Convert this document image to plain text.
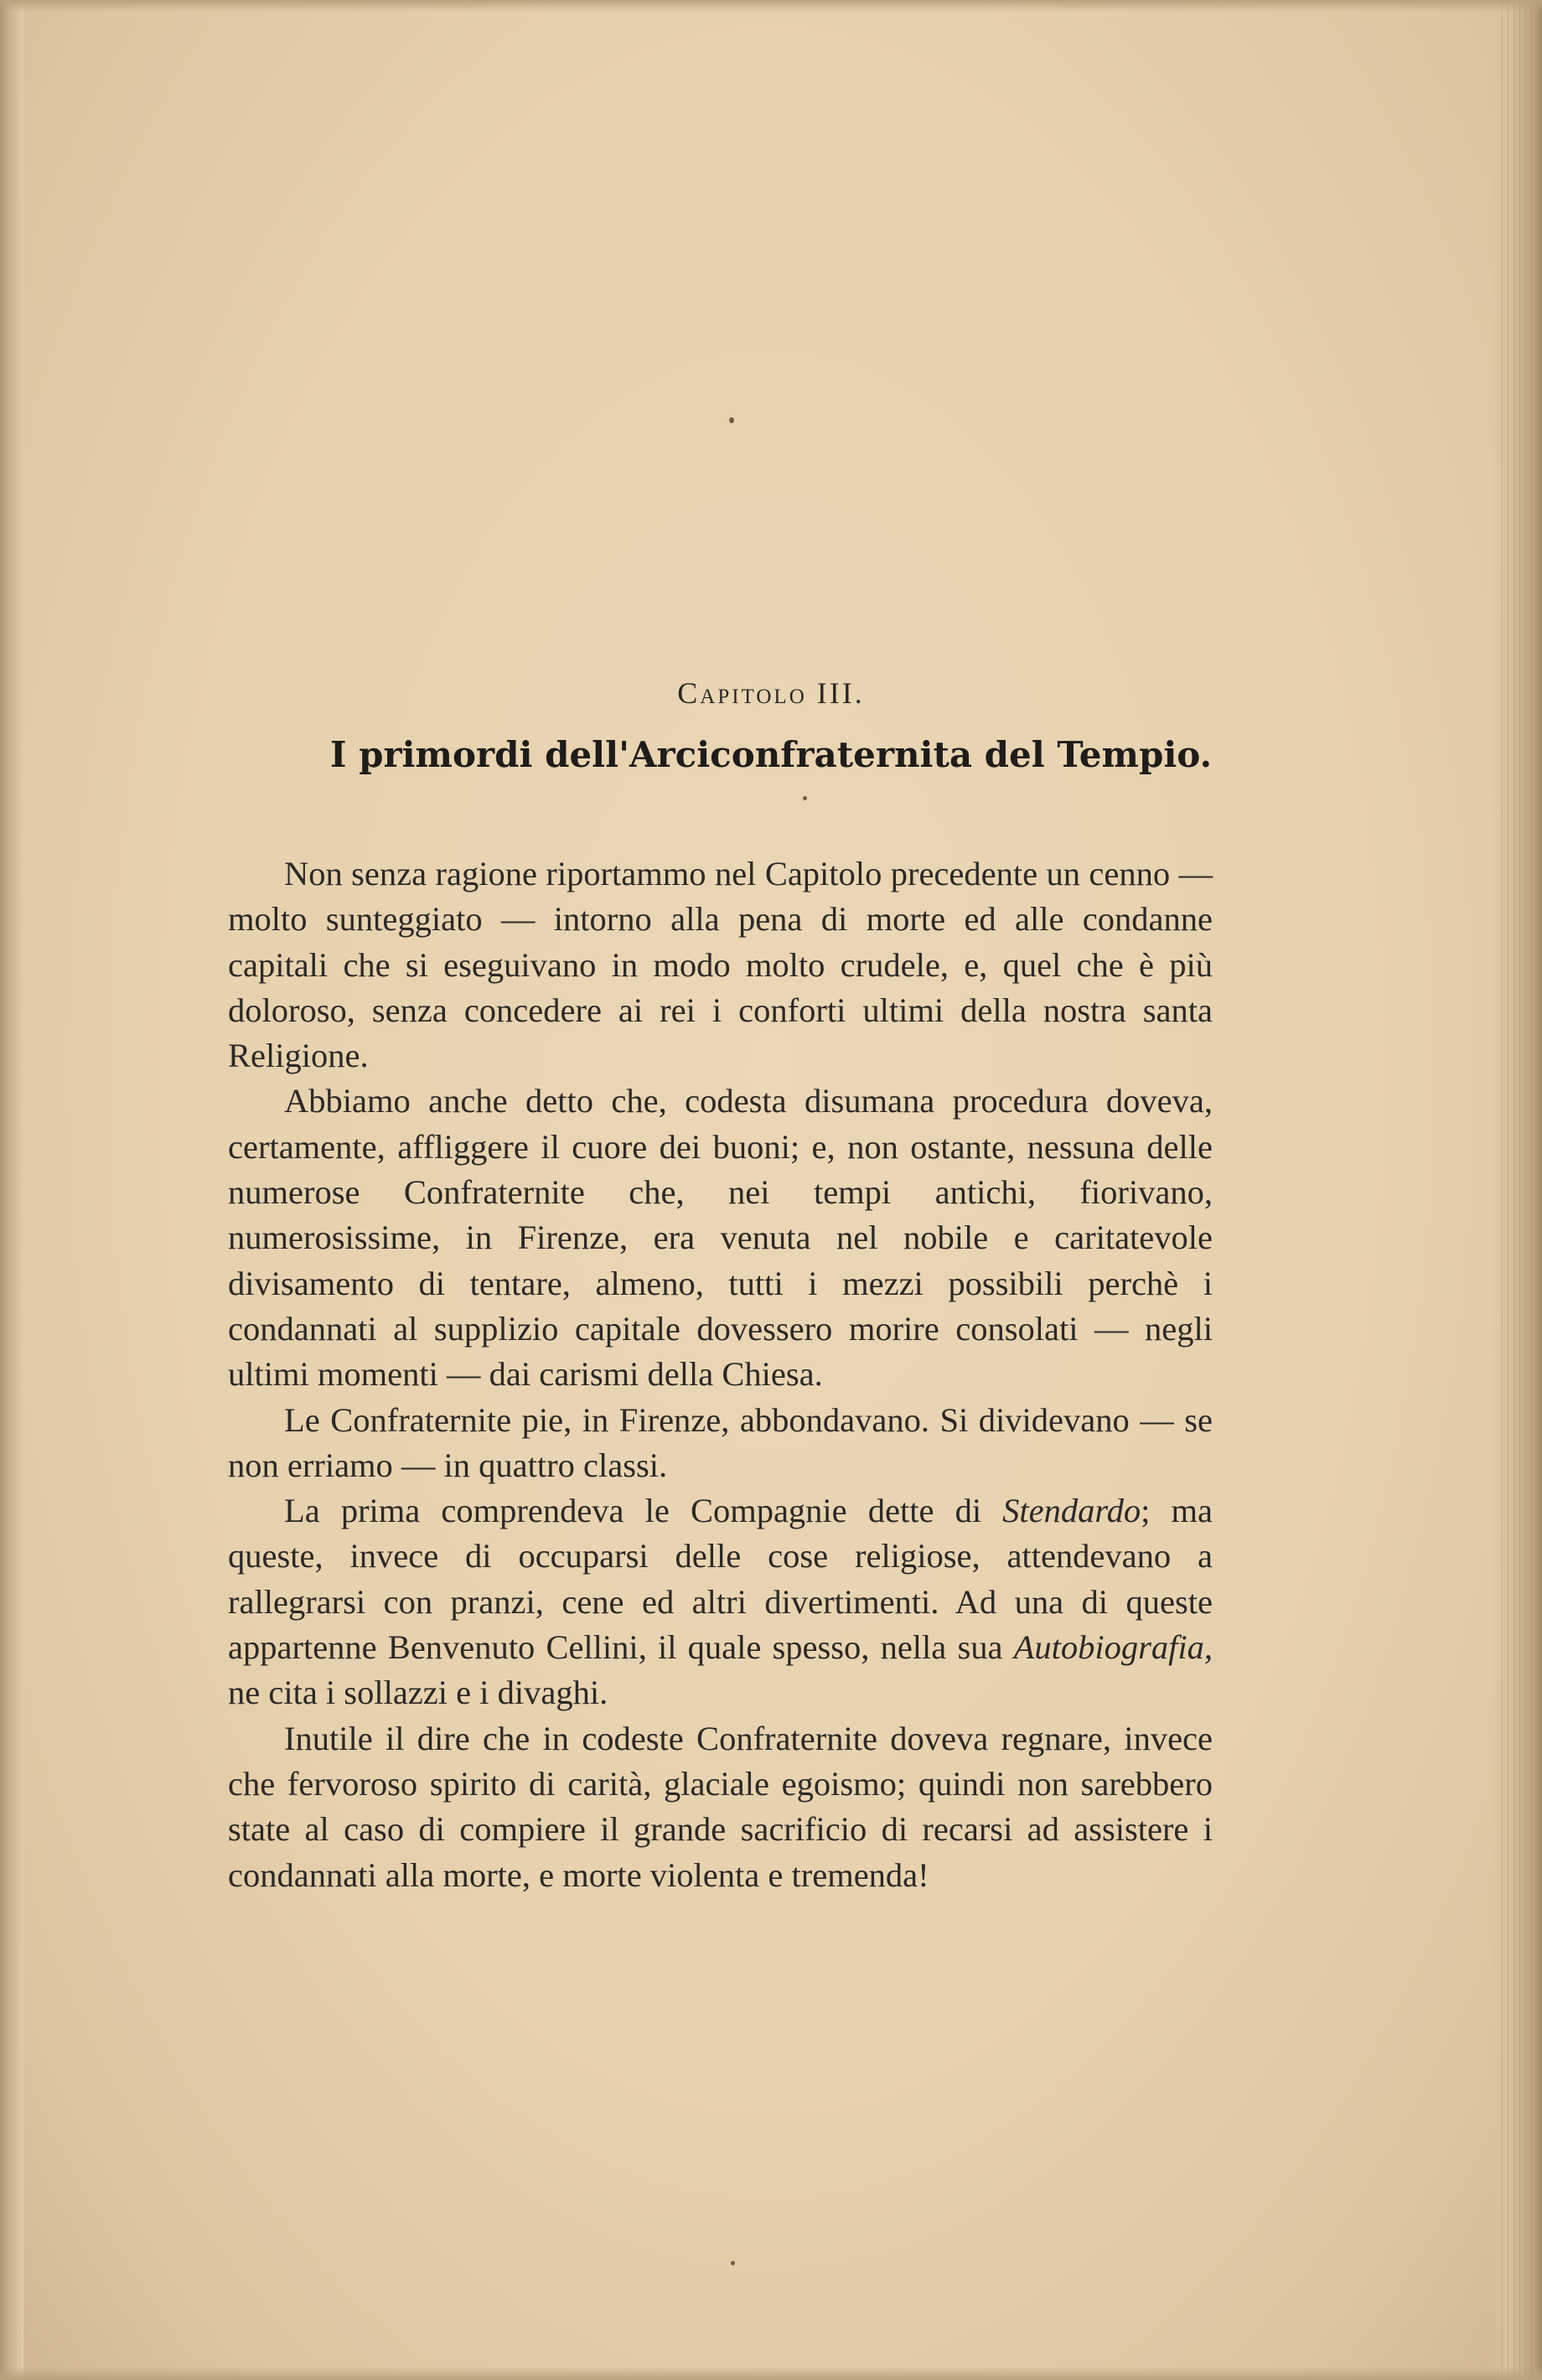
Capitolo III.
I primordi dell'Arciconfraternita del Tempio.

Non senza ragione riportammo nel Capitolo precedente un cenno — molto sunteggiato — intorno alla pena di morte ed alle condanne capitali che si eseguivano in modo molto crudele, e, quel che è più doloroso, senza concedere ai rei i conforti ultimi della nostra santa Religione.

Abbiamo anche detto che, codesta disumana procedura doveva, certamente, affliggere il cuore dei buoni; e, non ostante, nessuna delle numerose Confraternite che, nei tempi antichi, fiorivano, numerosissime, in Firenze, era venuta nel nobile e caritatevole divisamento di tentare, almeno, tutti i mezzi possibili perchè i condannati al supplizio capitale dovessero morire consolati — negli ultimi momenti — dai carismi della Chiesa.

Le Confraternite pie, in Firenze, abbondavano. Si dividevano — se non erriamo — in quattro classi.

La prima comprendeva le Compagnie dette di Stendardo; ma queste, invece di occuparsi delle cose religiose, attendevano a rallegrarsi con pranzi, cene ed altri divertimenti. Ad una di queste appartenne Benvenuto Cellini, il quale spesso, nella sua Autobiografia, ne cita i sollazzi e i divaghi.

Inutile il dire che in codeste Confraternite doveva regnare, invece che fervoroso spirito di carità, glaciale egoismo; quindi non sarebbero state al caso di compiere il grande sacrificio di recarsi ad assistere i condannati alla morte, e morte violenta e tremenda!
